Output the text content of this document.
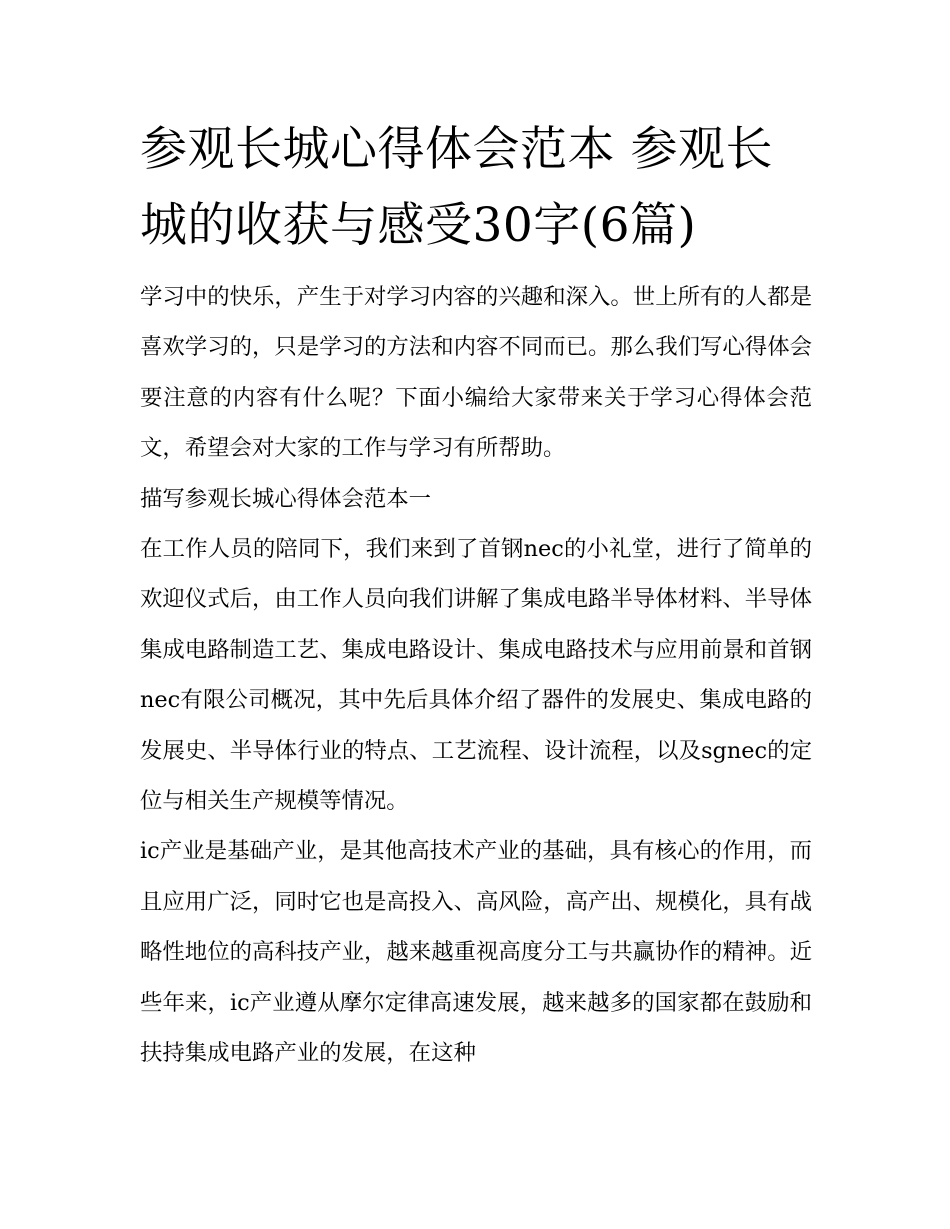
参观长城心得体会范本 参观长城的收获与感受30字(6篇)

学习中的快乐，产生于对学习内容的兴趣和深入。世上所有的人都是喜欢学习的，只是学习的方法和内容不同而已。那么我们写心得体会要注意的内容有什么呢？下面小编给大家带来关于学习心得体会范文，希望会对大家的工作与学习有所帮助。

描写参观长城心得体会范本一

在工作人员的陪同下，我们来到了首钢nec的小礼堂，进行了简单的欢迎仪式后，由工作人员向我们讲解了集成电路半导体材料、半导体集成电路制造工艺、集成电路设计、集成电路技术与应用前景和首钢nec有限公司概况，其中先后具体介绍了器件的发展史、集成电路的发展史、半导体行业的特点、工艺流程、设计流程，以及sgnec的定位与相关生产规模等情况。

ic产业是基础产业，是其他高技术产业的基础，具有核心的作用，而且应用广泛，同时它也是高投入、高风险，高产出、规模化，具有战略性地位的高科技产业，越来越重视高度分工与共赢协作的精神。近些年来，ic产业遵从摩尔定律高速发展，越来越多的国家都在鼓励和扶持集成电路产业的发展，在这种
